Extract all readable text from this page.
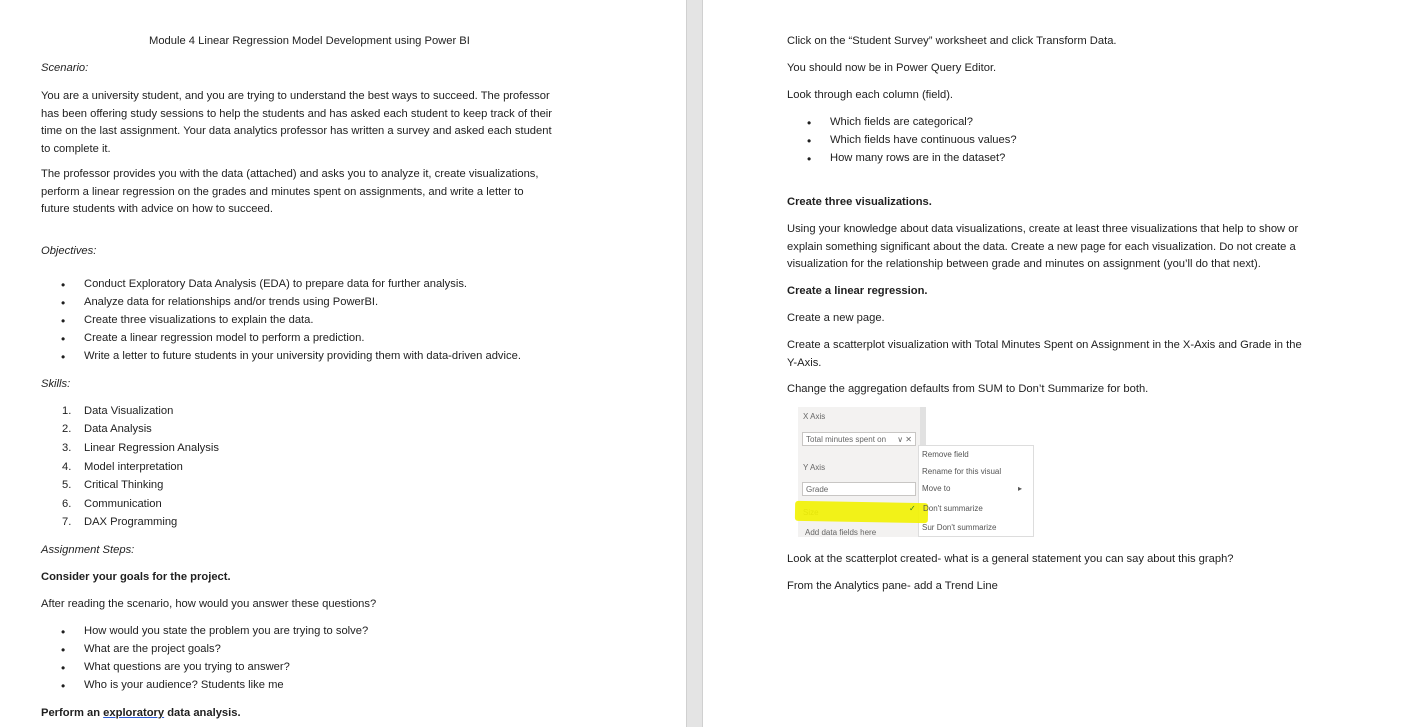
Module 4 Linear Regression Model Development using Power BI
Scenario:
You are a university student, and you are trying to understand the best ways to succeed. The professor
has been offering study sessions to help the students and has asked each student to keep track of their
time on the last assignment. Your data analytics professor has written a survey and asked each student
to complete it.
The professor provides you with the data (attached) and asks you to analyze it, create visualizations,
perform a linear regression on the grades and minutes spent on assignments, and write a letter to
future students with advice on how to succeed.
Objectives:
• Conduct Exploratory Data Analysis (EDA) to prepare data for further analysis.
• Analyze data for relationships and/or trends using PowerBI.
• Create three visualizations to explain the data.
• Create a linear regression model to perform a prediction.
• Write a letter to future students in your university providing them with data-driven advice.
Skills:
1. Data Visualization
2. Data Analysis
3. Linear Regression Analysis
4. Model interpretation
5. Critical Thinking
6. Communication
7. DAX Programming
Assignment Steps:
Consider your goals for the project.
After reading the scenario, how would you answer these questions?
• How would you state the problem you are trying to solve?
• What are the project goals?
• What questions are you trying to answer?
• Who is your audience? Students like me
Perform an exploratory data analysis.
Click on the “Student Survey” worksheet and click Transform Data.
You should now be in Power Query Editor.
Look through each column (field).
• Which fields are categorical?
• Which fields have continuous values?
• How many rows are in the dataset?
Create three visualizations.
Using your knowledge about data visualizations, create at least three visualizations that help to show or
explain something significant about the data. Create a new page for each visualization. Do not create a
visualization for the relationship between grade and minutes on assignment (you’ll do that next).
Create a linear regression.
Create a new page.
Create a scatterplot visualization with Total Minutes Spent on Assignment in the X-Axis and Grade in the
Y-Axis.
Change the aggregation defaults from SUM to Don’t Summarize for both.
X Axis
Total minutes spent on ∨ ✕
Y Axis
Grade
Add data fields here
Remove field
Rename for this visual
Move to	▸
✓ Don't summarize
Sur Don't summarize
Look at the scatterplot created- what is a general statement you can say about this graph?
From the Analytics pane- add a Trend Line
